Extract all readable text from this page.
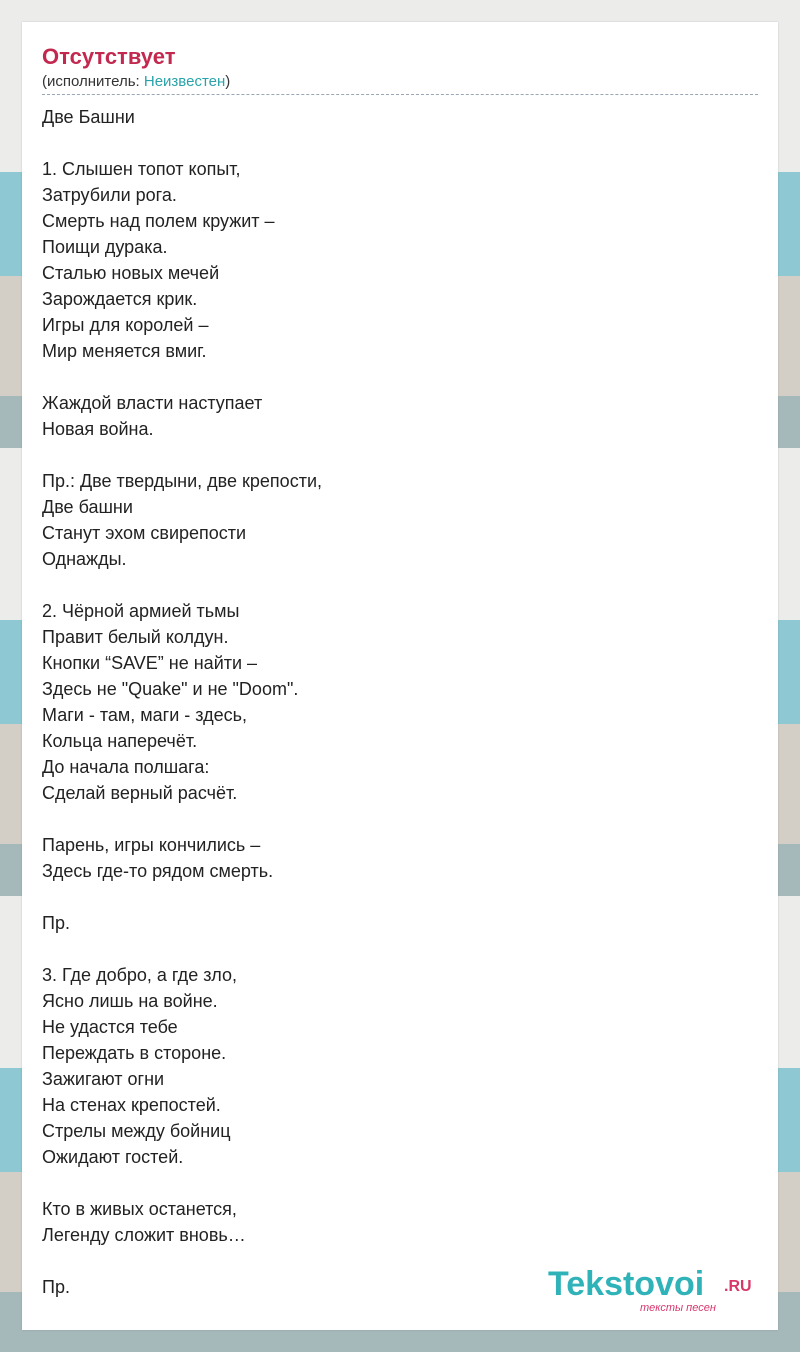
Отсутствует
(исполнитель: Неизвестен)
Две Башни
1. Слышен топот копыт,
Затрубили рога.
Смерть над полем кружит –
Поищи дурака.
Сталью новых мечей
Зарождается крик.
Игры для королей –
Мир меняется вмиг.
Жаждой власти наступает
Новая война.
Пр.: Две твердыни, две крепости,
Две башни
Станут эхом свирепости
Однажды.
2. Чёрной армией тьмы
Правит белый колдун.
Кнопки “SAVE” не найти –
Здесь не "Quake" и не "Doom".
Маги - там, маги - здесь,
Кольца наперечёт.
До начала полшага:
Сделай верный расчёт.
Парень, игры кончились –
Здесь где-то рядом смерть.
Пр.
3. Где добро, а где зло,
Ясно лишь на войне.
Не удастся тебе
Переждать в стороне.
Зажигают огни
На стенах крепостей.
Стрелы между бойниц
Ожидают гостей.
Кто в живых останется,
Легенду сложит вновь…
Пр.	Tekstovoi .RU
тексты песен
